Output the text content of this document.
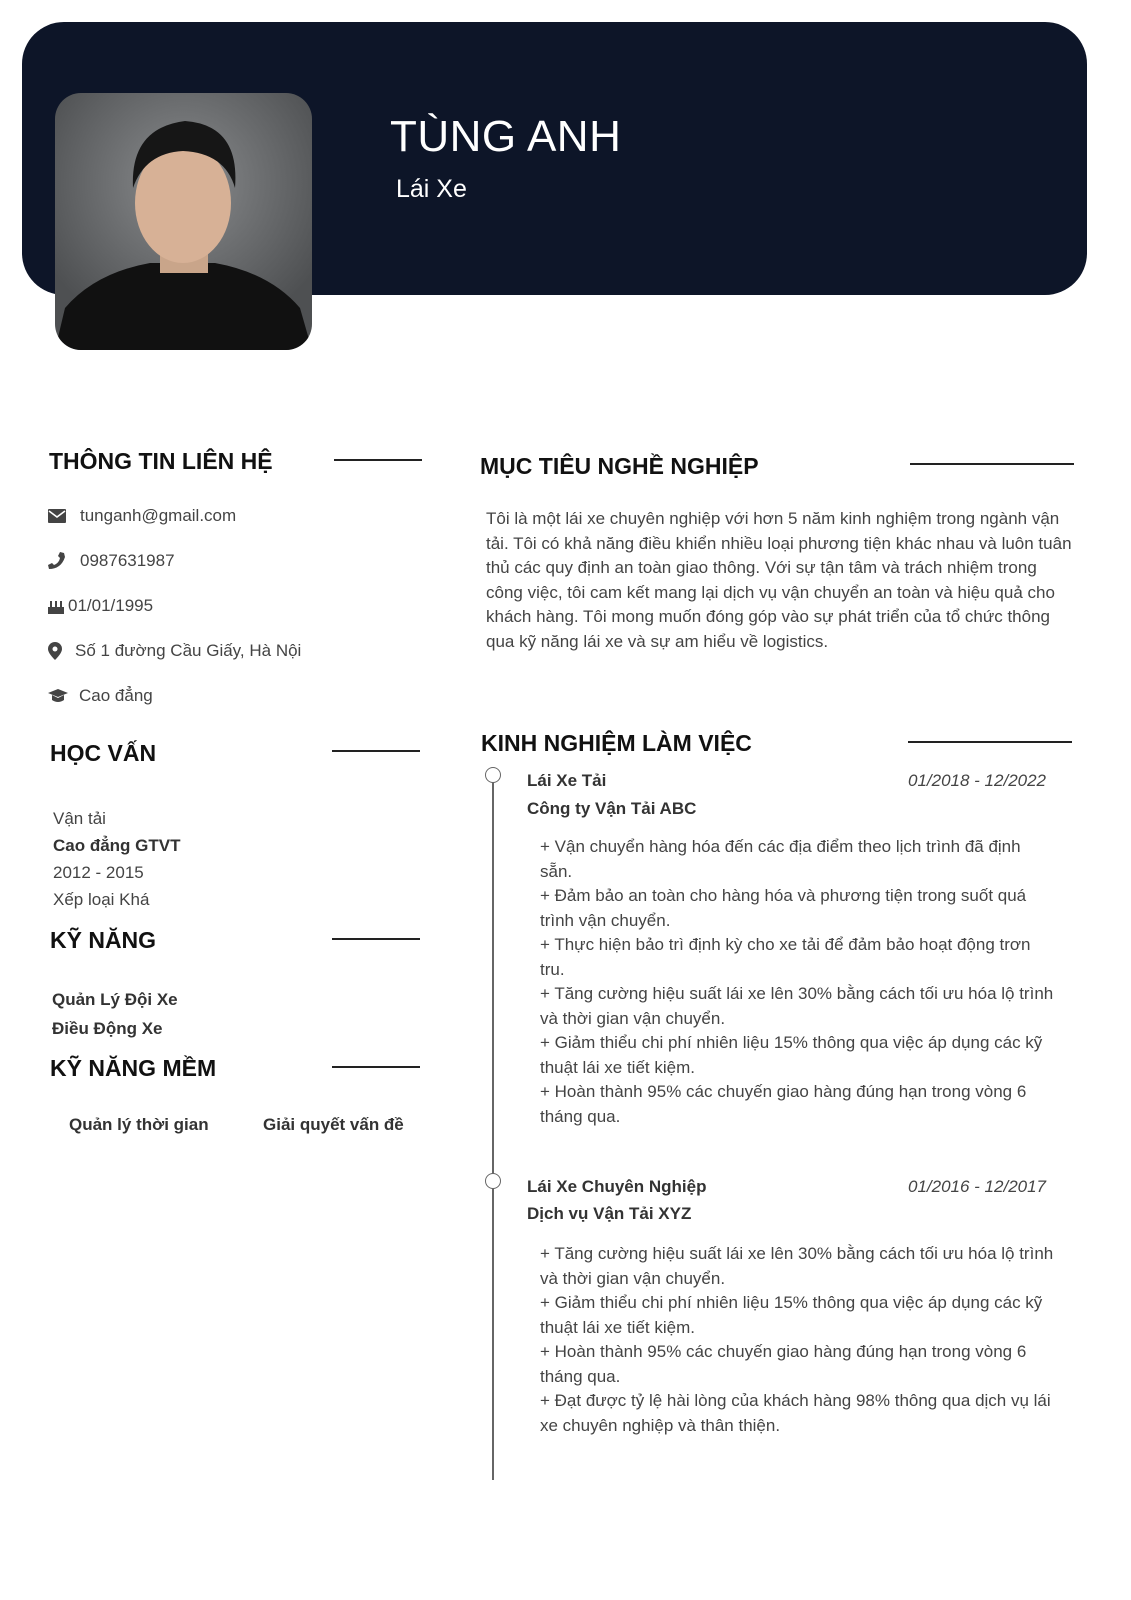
TÙNG ANH
Lái Xe
THÔNG TIN LIÊN HỆ
tunganh@gmail.com
0987631987
01/01/1995
Số 1 đường Cầu Giấy, Hà Nội
Cao đẳng
HỌC VẤN
Vận tải
Cao đẳng GTVT
2012 - 2015
Xếp loại Khá
KỸ NĂNG
Quản Lý Đội Xe
Điều Động Xe
KỸ NĂNG MỀM
Quản lý thời gian	Giải quyết vấn đề
MỤC TIÊU NGHỀ NGHIỆP
Tôi là một lái xe chuyên nghiệp với hơn 5 năm kinh nghiệm trong ngành vận tải. Tôi có khả năng điều khiển nhiều loại phương tiện khác nhau và luôn tuân thủ các quy định an toàn giao thông. Với sự tận tâm và trách nhiệm trong công việc, tôi cam kết mang lại dịch vụ vận chuyển an toàn và hiệu quả cho khách hàng. Tôi mong muốn đóng góp vào sự phát triển của tổ chức thông qua kỹ năng lái xe và sự am hiểu về logistics.
KINH NGHIỆM LÀM VIỆC
Lái Xe Tải	01/2018 - 12/2022
Công ty Vận Tải ABC
+ Vận chuyển hàng hóa đến các địa điểm theo lịch trình đã định sẵn.
+ Đảm bảo an toàn cho hàng hóa và phương tiện trong suốt quá trình vận chuyển.
+ Thực hiện bảo trì định kỳ cho xe tải để đảm bảo hoạt động trơn tru.
+ Tăng cường hiệu suất lái xe lên 30% bằng cách tối ưu hóa lộ trình và thời gian vận chuyển.
+ Giảm thiểu chi phí nhiên liệu 15% thông qua việc áp dụng các kỹ thuật lái xe tiết kiệm.
+ Hoàn thành 95% các chuyến giao hàng đúng hạn trong vòng 6 tháng qua.
Lái Xe Chuyên Nghiệp	01/2016 - 12/2017
Dịch vụ Vận Tải XYZ
+ Tăng cường hiệu suất lái xe lên 30% bằng cách tối ưu hóa lộ trình và thời gian vận chuyển.
+ Giảm thiểu chi phí nhiên liệu 15% thông qua việc áp dụng các kỹ thuật lái xe tiết kiệm.
+ Hoàn thành 95% các chuyến giao hàng đúng hạn trong vòng 6 tháng qua.
+ Đạt được tỷ lệ hài lòng của khách hàng 98% thông qua dịch vụ lái xe chuyên nghiệp và thân thiện.
